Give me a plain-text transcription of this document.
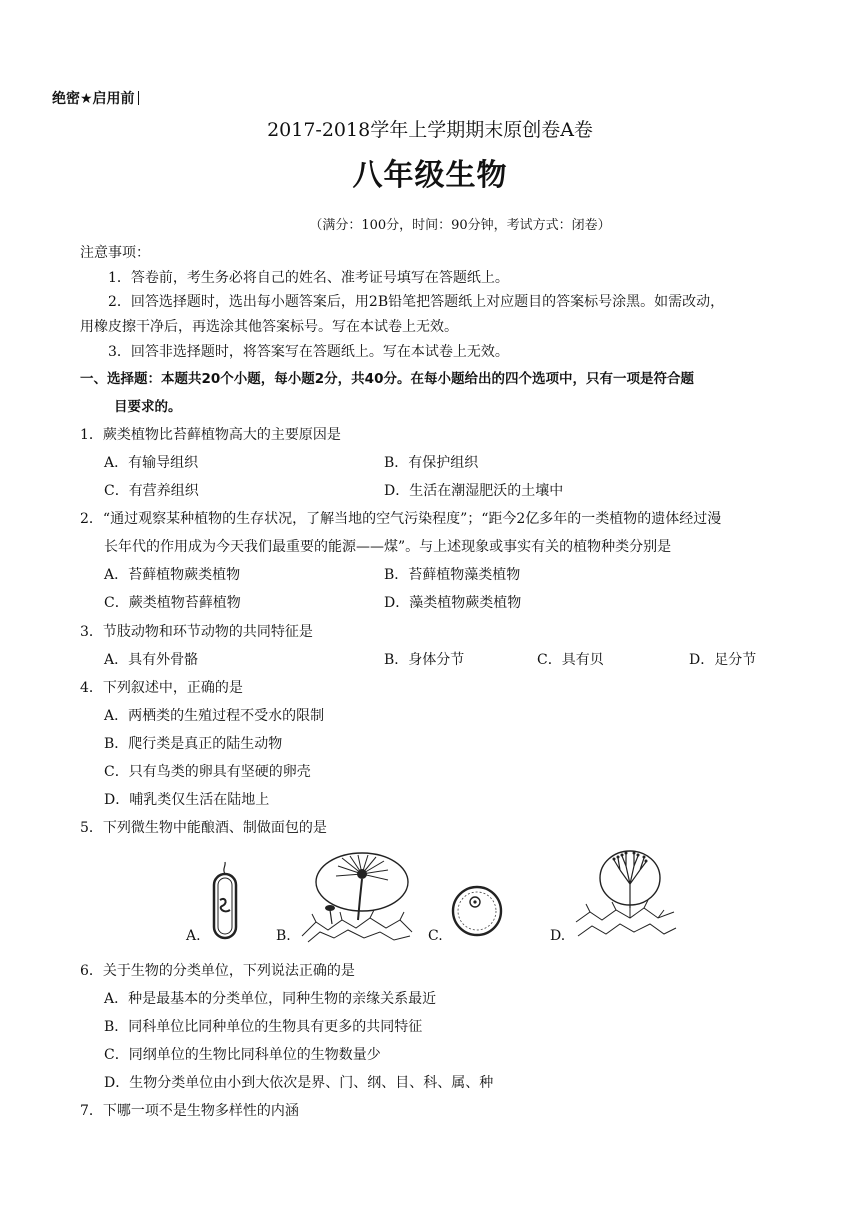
绝密★启用前
2017-2018学年上学期期末原创卷A卷
八年级生物
（满分：100分，时间：90分钟，考试方式：闭卷）
注意事项：
1．答卷前，考生务必将自己的姓名、准考证号填写在答题纸上。
2．回答选择题时，选出每小题答案后，用2B铅笔把答题纸上对应题目的答案标号涂黑。如需改动，
用橡皮擦干净后，再选涂其他答案标号。写在本试卷上无效。
3．回答非选择题时，将答案写在答题纸上。写在本试卷上无效。
一、选择题：本题共20个小题，每小题2分，共40分。在每小题给出的四个选项中，只有一项是符合题
目要求的。
1．蕨类植物比苔藓植物高大的主要原因是
A．有输导组织	B．有保护组织
C．有营养组织	D．生活在潮湿肥沃的土壤中
2．“通过观察某种植物的生存状况，了解当地的空气污染程度”；“距今2亿多年的一类植物的遗体经过漫
长年代的作用成为今天我们最重要的能源——煤”。与上述现象或事实有关的植物种类分别是
A．苔藓植物蕨类植物	B．苔藓植物藻类植物
C．蕨类植物苔藓植物	D．藻类植物蕨类植物
3．节肢动物和环节动物的共同特征是
A．具有外骨骼	B．身体分节	C．具有贝	D．足分节
4．下列叙述中，正确的是
A．两栖类的生殖过程不受水的限制
B．爬行类是真正的陆生动物
C．只有鸟类的卵具有坚硬的卵壳
D．哺乳类仅生活在陆地上
5．下列微生物中能酿酒、制做面包的是
A.	B.	C.	D.
6．关于生物的分类单位，下列说法正确的是
A．种是最基本的分类单位，同种生物的亲缘关系最近
B．同科单位比同种单位的生物具有更多的共同特征
C．同纲单位的生物比同科单位的生物数量少
D．生物分类单位由小到大依次是界、门、纲、目、科、属、种
7．下哪一项不是生物多样性的内涵
